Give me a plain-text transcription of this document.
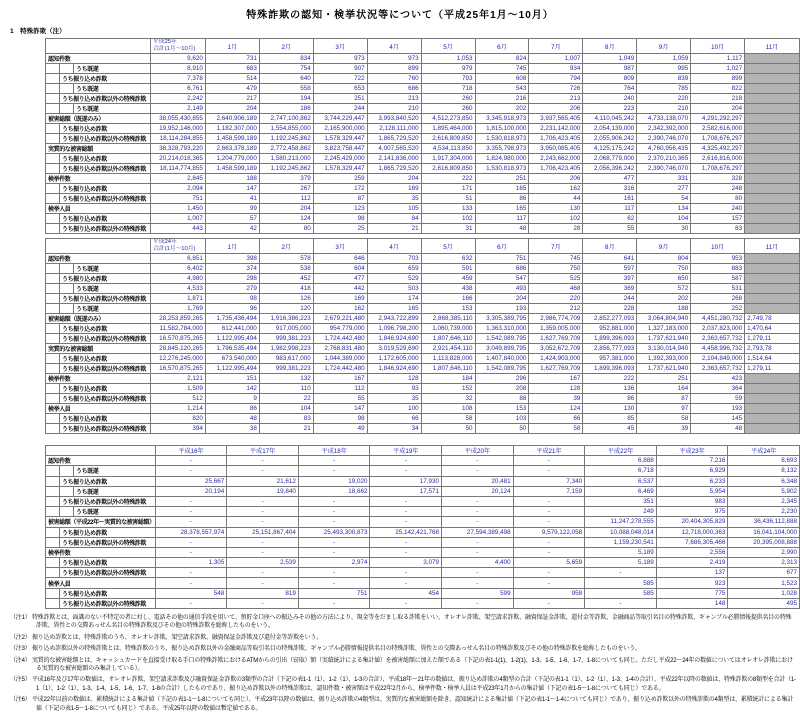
特殊詐欺の認知・検挙状況等について（平成25年1月～10月）
1　特殊詐欺（注）

	平成25年
合計(1月～10月)	1月	2月	3月	4月	5月	6月	7月	8月	9月	10月	11月

認知件数	9,620	731	834	973	973	1,053	824	1,007	1,049	1,059	1,117	

うち既遂	8,910	683	754	907	899	979	745	934	987	995	1,027	

うち振り込め詐欺	7,378	514	640	722	760	793	608	794	809	839	899	

うち既遂	6,761	479	558	653	686	718	543	726	764	785	822	

うち振り込め詐欺以外の特殊詐欺	2,242	217	194	251	213	260	216	213	240	220	218	

うち既遂	2,149	204	186	244	210	260	202	206	223	210	204	

被害総額（既遂のみ）	38,055,430,855	2,640,906,189	2,747,100,862	3,744,229,447	3,993,840,520	4,512,273,850	3,345,918,973	3,937,565,405	4,110,045,242	4,733,138,070	4,291,292,297	

うち振り込め詐欺	19,952,146,000	1,182,307,000	1,554,855,000	2,165,900,000	2,128,111,000	1,895,464,000	1,815,100,000	2,231,142,000	2,054,139,000	2,342,392,000	2,582,616,000	

うち振り込め詐欺以外の特殊詐欺	18,114,284,855	1,458,599,189	1,192,245,862	1,578,329,447	1,865,729,520	2,616,809,850	1,530,818,973	1,706,423,405	2,055,906,242	2,390,746,070	1,708,676,297	

実質的な被害総額	38,328,793,220	2,663,378,189	2,772,458,862	3,823,758,447	4,007,565,520	4,534,113,850	3,355,798,973	3,950,085,405	4,125,175,242	4,760,956,435	4,325,492,297	

うち振り込め詐欺	20,214,018,365	1,204,779,000	1,580,213,000	2,245,429,000	2,141,836,000	1,917,304,000	1,824,980,000	2,243,662,000	2,068,779,000	2,370,210,365	2,616,816,000	

うち振り込め詐欺以外の特殊詐欺	18,114,774,855	1,458,599,189	1,192,245,862	1,578,329,447	1,865,729,520	2,616,809,850	1,530,818,973	1,706,423,405	2,056,396,242	2,390,746,070	1,708,676,297	

検挙件数	2,845	188	379	259	204	222	251	206	477	331	328	

うち振り込め詐欺	2,094	147	267	172	169	171	165	162	316	277	248	

うち振り込め詐欺以外の特殊詐欺	751	41	112	87	35	51	86	44	161	54	80	

検挙人員	1,450	99	204	123	105	133	165	130	117	134	240	

うち振り込め詐欺	1,007	57	124	98	84	102	117	102	62	104	157	

うち振り込め詐欺以外の特殊詐欺	443	42	80	25	21	31	48	28	55	30	83	

	平成24年
合計(1月～10月)	1月	2月	3月	4月	5月	6月	7月	8月	9月	10月	11月

認知件数	6,851	398	578	646	703	632	751	745	641	804	953	

うち既遂	6,402	374	538	604	659	591	686	750	597	750	883	

うち振り込め詐欺	4,980	298	452	477	529	459	547	525	397	650	587	

うち既遂	4,533	279	418	442	503	438	493	468	369	572	531	

うち振り込め詐欺以外の特殊詐欺	1,871	98	126	169	174	166	204	220	244	202	268	

うち既遂	1,769	96	120	162	165	153	193	212	228	188	252	

被害総額（既遂のみ）	28,253,859,265	1,735,436,494	1,916,386,223	2,679,221,480	2,943,722,899	2,868,385,110	3,305,389,795	2,986,774,709	2,852,277,093	3,064,804,940	4,451,280,732	2,749,78

うち振り込め詐欺	11,582,784,000	612,441,000	917,005,000	954,779,000	1,096,798,200	1,060,739,000	1,363,310,000	1,359,005,000	952,881,000	1,327,183,000	2,037,823,000	1,470,64

うち振り込め詐欺以外の特殊詐欺	16,570,875,265	1,122,995,494	999,381,223	1,724,442,480	1,846,924,690	1,807,646,110	1,542,089,795	1,627,769,709	1,899,396,093	1,737,621,940	2,363,657,732	1,279,11

実質的な被害総額	28,845,120,265	1,796,535,494	1,982,998,223	2,768,831,480	3,019,529,690	2,921,454,110	3,049,899,795	3,052,672,709	2,856,777,093	3,130,014,940	4,458,996,732	2,793,78

うち振り込め詐欺	12,276,245,000	673,540,000	983,617,000	1,044,389,000	1,172,605,000	1,113,828,000	1,407,840,000	1,424,903,000	957,381,000	1,392,393,000	2,104,849,000	1,514,64

うち振り込め詐欺以外の特殊詐欺	16,570,875,265	1,122,995,494	999,381,223	1,724,442,480	1,846,924,690	1,807,646,110	1,542,089,795	1,627,769,709	1,899,396,093	1,737,621,940	2,363,657,732	1,279,11

検挙件数	2,121	151	132	167	128	184	296	167	222	251	423	

うち振り込め詐欺	1,509	142	110	112	93	152	208	128	136	164	364	

うち振り込め詐欺以外の特殊詐欺	512	9	22	55	35	32	88	39	86	87	59	

検挙人員	1,214	86	104	147	100	108	153	124	130	97	193	

うち振り込め詐欺	820	48	83	98	66	58	103	66	85	58	145	

うち振り込め詐欺以外の特殊詐欺	394	38	21	49	34	50	50	58	45	39	48	
	平成16年	平成17年	平成18年	平成19年	平成20年	平成21年	平成22年	平成23年	平成24年

認知件数	-	-	-	-	-	-	6,888	7,216	8,693

うち既遂	-	-	-	-	-	-	6,718	6,929	8,132

うち振り込め詐欺	25,667	21,612	19,020	17,930	20,481	7,340	6,537	6,233	6,348

うち既遂	20,194	19,840	18,662	17,571	20,124	7,159	6,469	5,954	5,902

うち振り込め詐欺以外の特殊詐欺	-	-	-	-	-	-	351	983	2,345

うち既遂	-	-	-	-	-	-	249	975	2,230

被害総額（平成22年～実質的な被害総額）	-	-	-	-	-	-	11,247,278,555	20,404,305,829	36,436,112,888

うち振り込め詐欺	28,378,557,974	25,151,867,404	25,493,300,873	25,142,421,768	27,594,389,498	9,579,122,058	10,088,048,014	12,718,000,363	16,041,104,000

うち振り込め詐欺以外の特殊詐欺	-	-	-	-	-	-	1,159,230,541	7,686,305,466	20,395,008,888

検挙件数	-	-	-	-	-	-	5,189	2,556	2,990

うち振り込め詐欺	1,305	2,539	2,974	3,079	4,400	5,659	5,189	2,419	2,313

うち振り込め詐欺以外の特殊詐欺	-	-	-	-	-	-	-	137	677

検挙人員	-	-	-	-	-	-	585	923	1,523

うち振り込め詐欺	548	819	751	454	599	958	585	775	1,028

うち振り込め詐欺以外の特殊詐欺	-	-	-	-	-	-	-	148	495
（注1） 特殊詐欺とは、面識のない不特定の者に対し、電話その他の通信手段を用いて、預貯金口座への振込みその他の方法により、現金等をだまし取る詐欺をいい、オレオレ詐欺、架空請求詐欺、融資保証金詐欺、還付金等詐欺、金融商品等取引名目の特殊詐欺、ギャンブル必勝情報提供名目の特殊詐欺、異性との交際あっせん名目の特殊詐欺及びその他の特殊詐欺を総称したものをいう。
（注2） 振り込め詐欺とは、特殊詐欺のうち、オレオレ詐欺、架空請求詐欺、融資保証金詐欺及び還付金等詐欺をいう。
（注3） 振り込め詐欺以外の特殊詐欺とは、特殊詐欺のうち、振り込め詐欺以外の金融商品等取引名目の特殊詐欺、ギャンブル必勝情報提供名目の特殊詐欺、異性との交際あっせん名目の特殊詐欺及びその他の特殊詐欺を総称したものをいう。
（注4） 実質的な被害総額とは、キャッシュカードを直接受け取る手口の特殊詐欺におけるATMからの引出（窃取）額（実績統計による集計値）を被害総額に加えた額である（下記の表1-1(1)、1-2(1)、1-3、1-5、1-6、1-7、1-8についても同じ。ただし平成22～24年の数値についてはオレオレ詐欺における実質的な被害総額のみ集計している）。
（注5） 平成16年及び17年の数値は、オレオレ詐欺、架空請求詐欺及び融資保証金詐欺の3類型の合計（下記の表1-1（1）、1-2（1）、1-3の合計）、平成18年～21年の数値は、振り込め詐欺の4類型の合計（下記の表1-1（1）、1-2（1）、1-3、1-4の合計）、平成22年以降の数値は、特殊詐欺の8類型を合計（1-1（1）、1-2（1）、1-3、1-4、1-5、1-6、1-7、1-8の合計）したものであり、振り込め詐欺以外の特殊詐欺は、認知件数・被害額は平成22年2月から、検挙件数・検挙人員は平成23年1月からの集計値（下記の表1-5～1-8についても同じ）である。
（注6） 平成22年以前の数値は、累積統計による集計値（下記の表1-1～1-8についても同じ）、平成23年以降の数値は、振り込め詐欺の4類型は、実質的な被害総額を除き、認知統計による集計値（下記の表1-1～1-4についても同じ）であり、振り込め詐欺以外の特殊詐欺の4類型は、累積統計による集計値（下記の表1-5～1-8についても同じ）である。平成25年以降の数値は暫定値である。
